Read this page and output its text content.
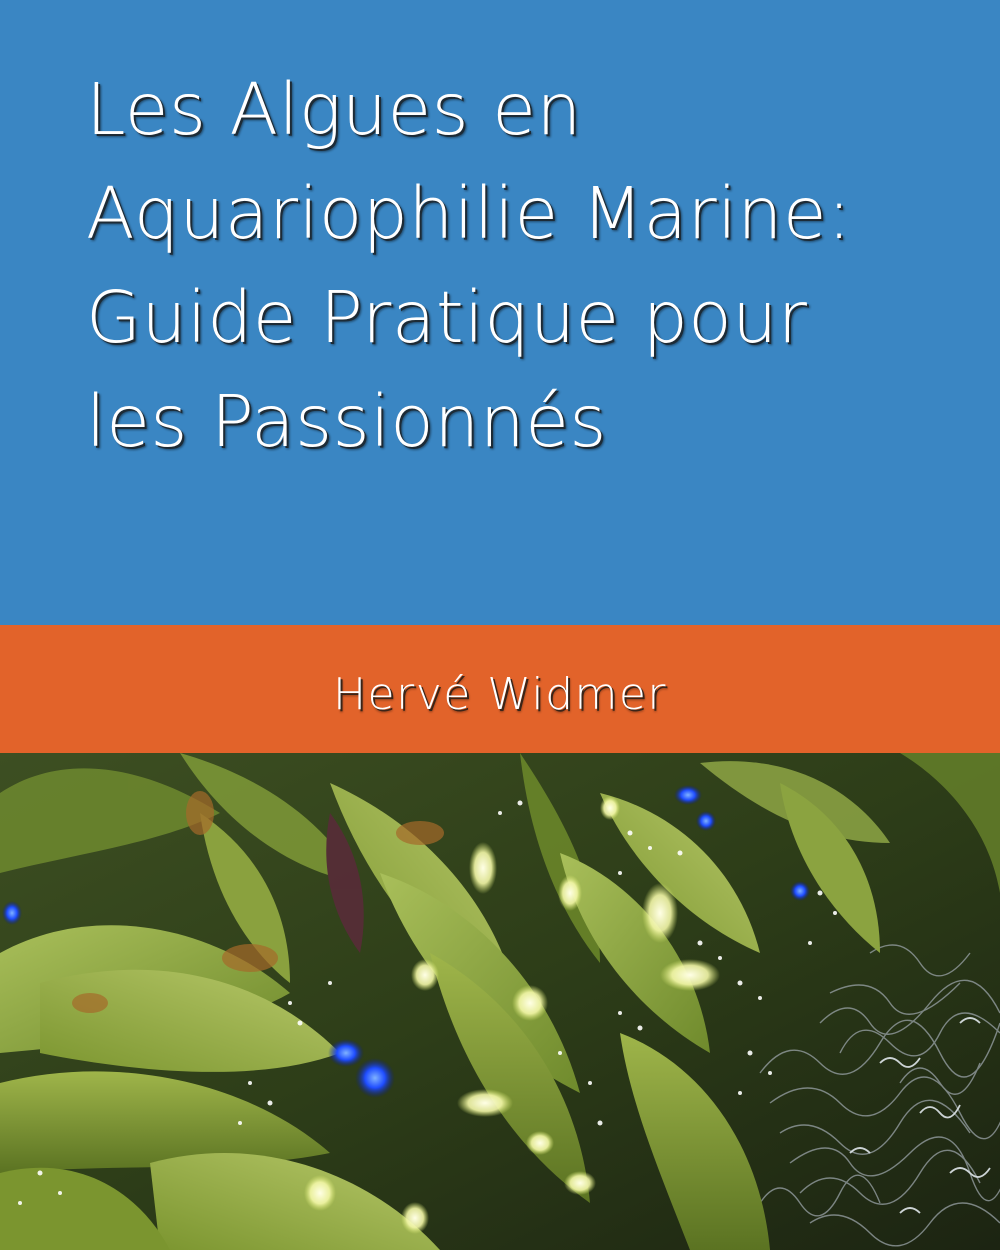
Les Algues en
Aquariophilie Marine:
Guide Pratique pour
les Passionnés

Hervé Widmer
